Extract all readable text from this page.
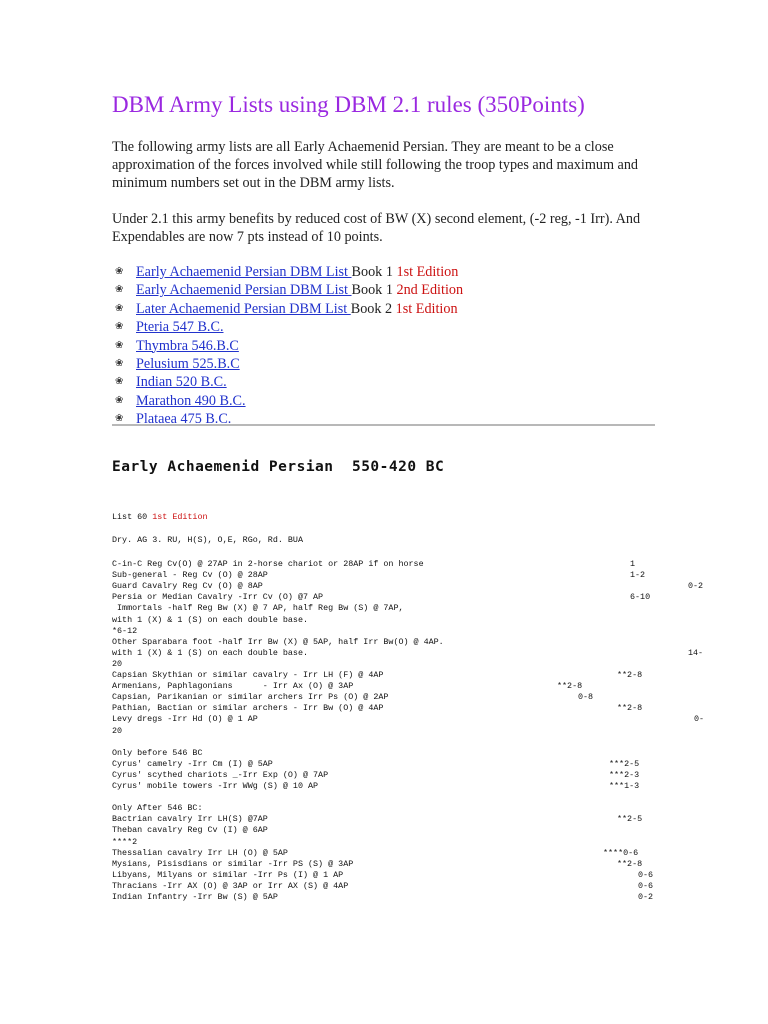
DBM Army Lists using DBM 2.1 rules (350Points)

The following army lists are all Early Achaemenid Persian. They are meant to be a close approximation of the forces involved while still following the troop types and maximum and minimum numbers set out in the DBM army lists.

Under 2.1 this army benefits by reduced cost of BW (X) second element, (-2 reg, -1 Irr). And Expendables are now 7 pts instead of 10 points.

❀ Early Achaemenid Persian DBM List Book 1 1st Edition
❀ Early Achaemenid Persian DBM List Book 1 2nd Edition
❀ Later Achaemenid Persian DBM List Book 2 1st Edition
❀ Pteria 547 B.C.
❀ Thymbra 546.B.C
❀ Pelusium 525.B.C
❀ Indian 520 B.C.
❀ Marathon 490 B.C.
❀ Plataea 475 B.C.
Early Achaemenid Persian  550-420 BC
List 60 1st Edition
Dry. AG 3. RU, H(S), O,E, RGo, Rd. BUA
C-in-C Reg Cv(O) @ 27AP in 2-horse chariot or 28AP if on horse	1
Sub-general - Reg Cv (O) @ 28AP	1-2
Guard Cavalry Reg Cv (O) @ 8AP	0-2
Persia or Median Cavalry -Irr Cv (O) @7 AP	6-10
Immortals -half Reg Bw (X) @ 7 AP, half Reg Bw (S) @ 7AP,
with 1 (X) & 1 (S) on each double base.
*6-12
Other Sparabara foot -half Irr Bw (X) @ 5AP, half Irr Bw(O) @ 4AP.
with 1 (X) & 1 (S) on each double base.	14-
20
Capsian Skythian or similar cavalry - Irr LH (F) @ 4AP	**2-8
Armenians, Paphlagonians      - Irr Ax (O) @ 3AP	**2-8
Capsian, Parikanian or similar archers Irr Ps (O) @ 2AP	0-8
Pathian, Bactian or similar archers - Irr Bw (O) @ 4AP	**2-8
Levy dregs -Irr Hd (O) @ 1 AP	0-
20
Only before 546 BC
Cyrus' camelry -Irr Cm (I) @ 5AP	***2-5
Cyrus' scythed chariots _-Irr Exp (O) @ 7AP	***2-3
Cyrus' mobile towers -Irr WWg (S) @ 10 AP	***1-3
Only After 546 BC:
Bactrian cavalry Irr LH(S) @7AP	**2-5
Theban cavalry Reg Cv (I) @ 6AP
****2
Thessalian cavalry Irr LH (O) @ 5AP	****0-6
Mysians, Pisisdians or similar -Irr PS (S) @ 3AP	**2-8
Libyans, Milyans or similar -Irr Ps (I) @ 1 AP	0-6
Thracians -Irr AX (O) @ 3AP or Irr AX (S) @ 4AP	0-6
Indian Infantry -Irr Bw (S) @ 5AP	0-2
